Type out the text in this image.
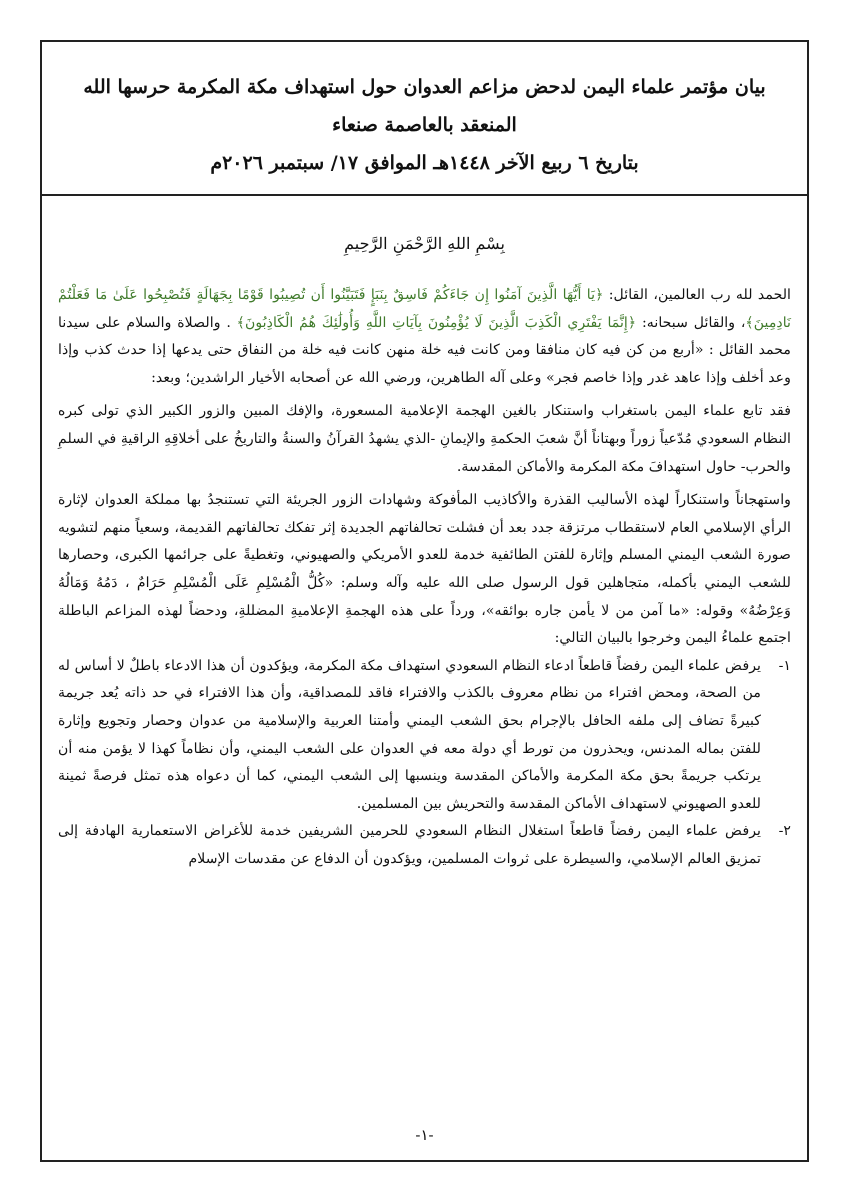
بيان مؤتمر علماء اليمن لدحض مزاعم العدوان حول استهداف مكة المكرمة حرسها الله
المنعقد بالعاصمة صنعاء
بتاريخ ٦ ربيع الآخر ١٤٤٨هـ الموافق ١٧/ سبتمبر ٢٠٢٦م
بِسْمِ اللهِ الرَّحْمَنِ الرَّحِيمِ

الحمد لله رب العالمين، القائل: ﴿يَا أَيُّهَا الَّذِينَ آمَنُوا إِن جَاءَكُمْ فَاسِقٌ بِنَبَإٍ فَتَبَيَّنُوا أَن تُصِيبُوا قَوْمًا بِجَهَالَةٍ فَتُصْبِحُوا عَلَىٰ مَا فَعَلْتُمْ نَادِمِينَ﴾، والقائل سبحانه: ﴿إِنَّمَا يَفْتَرِي الْكَذِبَ الَّذِينَ لَا يُؤْمِنُونَ بِآيَاتِ اللَّهِ وَأُولَٰئِكَ هُمُ الْكَاذِبُونَ﴾ . والصلاة والسلام على سيدنا محمد القائل : «أربع من كن فيه كان منافقا ومن كانت فيه خلة منهن كانت فيه خلة من النفاق حتى يدعها إذا حدث كذب وإذا وعد أخلف وإذا عاهد غدر وإذا خاصم فجر» وعلى آله الطاهرين، ورضي الله عن أصحابه الأخيار الراشدين؛ وبعد:

فقد تابع علماء اليمن باستغراب واستنكار بالغين الهجمة الإعلامية المسعورة، والإفك المبين والزور الكبير الذي تولى كبره النظام السعودي مُدّعياً زوراً وبهتاناً أنَّ شعبَ الحكمةِ والإيمانِ -الذي يشهدُ القرآنُ والسنةُ والتاريخُ على أخلاقِهِ الراقيةِ في السلمِ والحرب- حاول استهدافَ مكة المكرمة والأماكن المقدسة.

واستهجاناً واستنكاراً لهذه الأساليب القذرة والأكاذيب المأفوكة وشهادات الزور الجريئة التي تستنجدُ بها مملكة العدوان لإثارة الرأي الإسلامي العام لاستقطاب مرتزقة جدد بعد أن فشلت تحالفاتهم الجديدة إثر تفكك تحالفاتهم القديمة، وسعياً منهم لتشويه صورة الشعب اليمني المسلم وإثارة للفتن الطائفية خدمة للعدو الأمريكي والصهيوني، وتغطيةً على جرائمها الكبرى، وحصارها للشعب اليمني بأكمله، متجاهلين قول الرسول صلى الله عليه وآله وسلم: «كُلُّ الْمُسْلِمِ عَلَى الْمُسْلِمِ حَرَامٌ ، دَمُهُ وَمَالُهُ وَعِرْضُهُ» وقوله: «ما آمن من لا يأمن جاره بوائقه»، ورداً على هذه الهجمةِ الإعلاميةِ المضللةِ، ودحضاً لهذه المزاعم الباطلة اجتمع علماءُ اليمن وخرجوا بالبيان التالي:

١-
يرفض علماء اليمن رفضاً قاطعاً ادعاء النظام السعودي استهداف مكة المكرمة، ويؤكدون أن هذا الادعاء باطلٌ لا أساس له من الصحة، ومحض افتراء من نظام معروف بالكذب والافتراء فاقد للمصداقية، وأن هذا الافتراء في حد ذاته يُعد جريمة كبيرةً تضاف إلى ملفه الحافل بالإجرام بحق الشعب اليمني وأمتنا العربية والإسلامية من عدوان وحصار وتجويع وإثارة للفتن بماله المدنس، ويحذرون من تورط أي دولة معه في العدوان على الشعب اليمني، وأن نظاماً كهذا لا يؤمن منه أن يرتكب جريمةً بحق مكة المكرمة والأماكن المقدسة وينسبها إلى الشعب اليمني، كما أن دعواه هذه تمثل فرصةً ثمينة للعدو الصهيوني لاستهداف الأماكن المقدسة والتحريش بين المسلمين.
٢-
يرفض علماء اليمن رفضاً قاطعاً استغلال النظام السعودي للحرمين الشريفين خدمة للأغراض الاستعمارية الهادفة إلى تمزيق العالم الإسلامي، والسيطرة على ثروات المسلمين، ويؤكدون أن الدفاع عن مقدسات الإسلام
-١-
